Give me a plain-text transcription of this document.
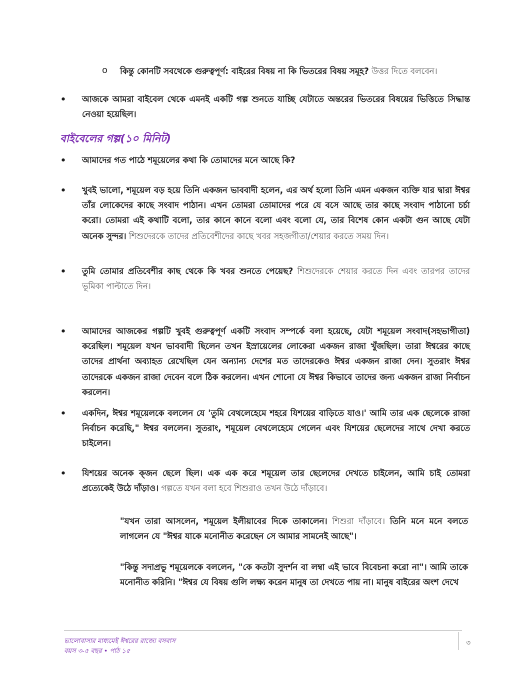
o	কিন্তু কোনটি সবথেকে গুরুত্বপূর্ণ: বাইরের বিষয় না কি ভিতরের বিষয় সমূহ? উত্তর দিতে বলবেন।

•	আজকে আমরা বাইবেল থেকে এমনই একটি গল্প শুনতে যাচ্ছি যেটাতে অন্তরের ভিতরের বিষয়ের ভিত্তিতে সিদ্ধান্ত নেওয়া হয়েছিল।

বাইবেলের গল্প(১০ মিনিট)
•	আমাদের গত পাঠে শমূয়েলের কথা কি তোমাদের মনে আছে কি?

•	খুবই ভালো, শমূয়েল বড় হয়ে তিনি একজন ভাববাদী হলেন, এর অর্থ হলো তিনি এমন একজন ব্যক্তি যার দ্বারা ঈশ্বর তাঁর লোকেদের কাছে সংবাদ পাঠান। এখন তোমরা তোমাদের পরে যে বসে আছে তার কাছে সংবাদ পাঠানো চর্চা করো। তোমরা এই কথাটি বলো, তার কানে কানে বলো এবং বলো যে, তার বিশেষ কোন একটা গুন আছে যেটা অনেক সুন্দর। শিশুদেরকে তাদের প্রতিবেশীদের কাছে খবর সহজগীতা/শেয়ার করতে সময় দিন।

•	তুমি তোমার প্রতিবেশীর কাছ থেকে কি খবর শুনতে পেয়েছ? শিশুদেরকে শেয়ার করতে দিন এবং তারপর তাদের ভূমিকা পাল্টাতে দিন।

•	আমাদের আজকের গল্পটি খুবই গুরুত্বপূর্ণ একটি সংবাদ সম্পর্কে বলা হয়েছে, যেটা শমূয়েল সংবাদ(সহভাগীতা) করেছিল। শমূয়েল যখন ভাববাদী ছিলেন তখন ইস্রায়েলের লোকেরা একজন রাজা খুঁজছিল। তারা ঈশ্বরের কাছে তাদের প্রার্থনা অব্যাহত রেখেছিল যেন অন্যান্য দেশের মত তাদেরকেও ঈশ্বর একজন রাজা দেন। সুতরাং ঈশ্বর তাদেরকে একজন রাজা দেবেন বলে ঠিক করলেন। এখন শোনো যে ঈশ্বর কিভাবে তাদের জন্য একজন রাজা নির্বাচন করলেন।

•	একদিন, ঈশ্বর শমূয়েলকে বললেন যে 'তুমি বেথলেহেমে শহরে যিশয়ের বাড়িতে যাও।' আমি তার এক ছেলেকে রাজা নির্বাচন করেছি," ঈশ্বর বললেন। সুতরাং, শমূয়েল বেথলেহেমে গেলেন এবং যিশয়ের ছেলেদের সাথে দেখা করতে চাইলেন।

•	যিশয়ের অনেক ক্জন ছেলে ছিল। এক এক করে শমূয়েল তার ছেলেদের দেখতে চাইলেন, আমি চাই তোমরা প্রত্যেকেই উঠে দাঁড়াও। গল্পতে যখন বলা হবে শিশুরাও তখন উঠে দাঁড়াবে।

"যখন তারা আসলেন, শমূয়েল ইলীয়াবের দিকে তাকালেন। শিশুরা দাঁড়াবে। তিনি মনে মনে বলতে লাগলেন যে "ঈশ্বর যাকে মনোনীত করেছেন সে আমার সামনেই আছে"।

"কিন্তু সদাপ্রভু শমূয়েলকে বললেন, "কে কতটা সুদর্শন বা লম্বা এই ভাবে বিবেচনা করো না"। আমি তাকে মনোনীত করিনি। "ঈশ্বর যে বিষয় গুলি লক্ষ্য করেন মানুষ তা দেখতে পায় না। মানুষ বাইরের অংশ দেখে
ভালোবাসার মাধ্যমেই ঈশ্বরের রাজ্যে বসবাস
বয়স ৩-৫ বছর • পাঠ ১৫
৩
